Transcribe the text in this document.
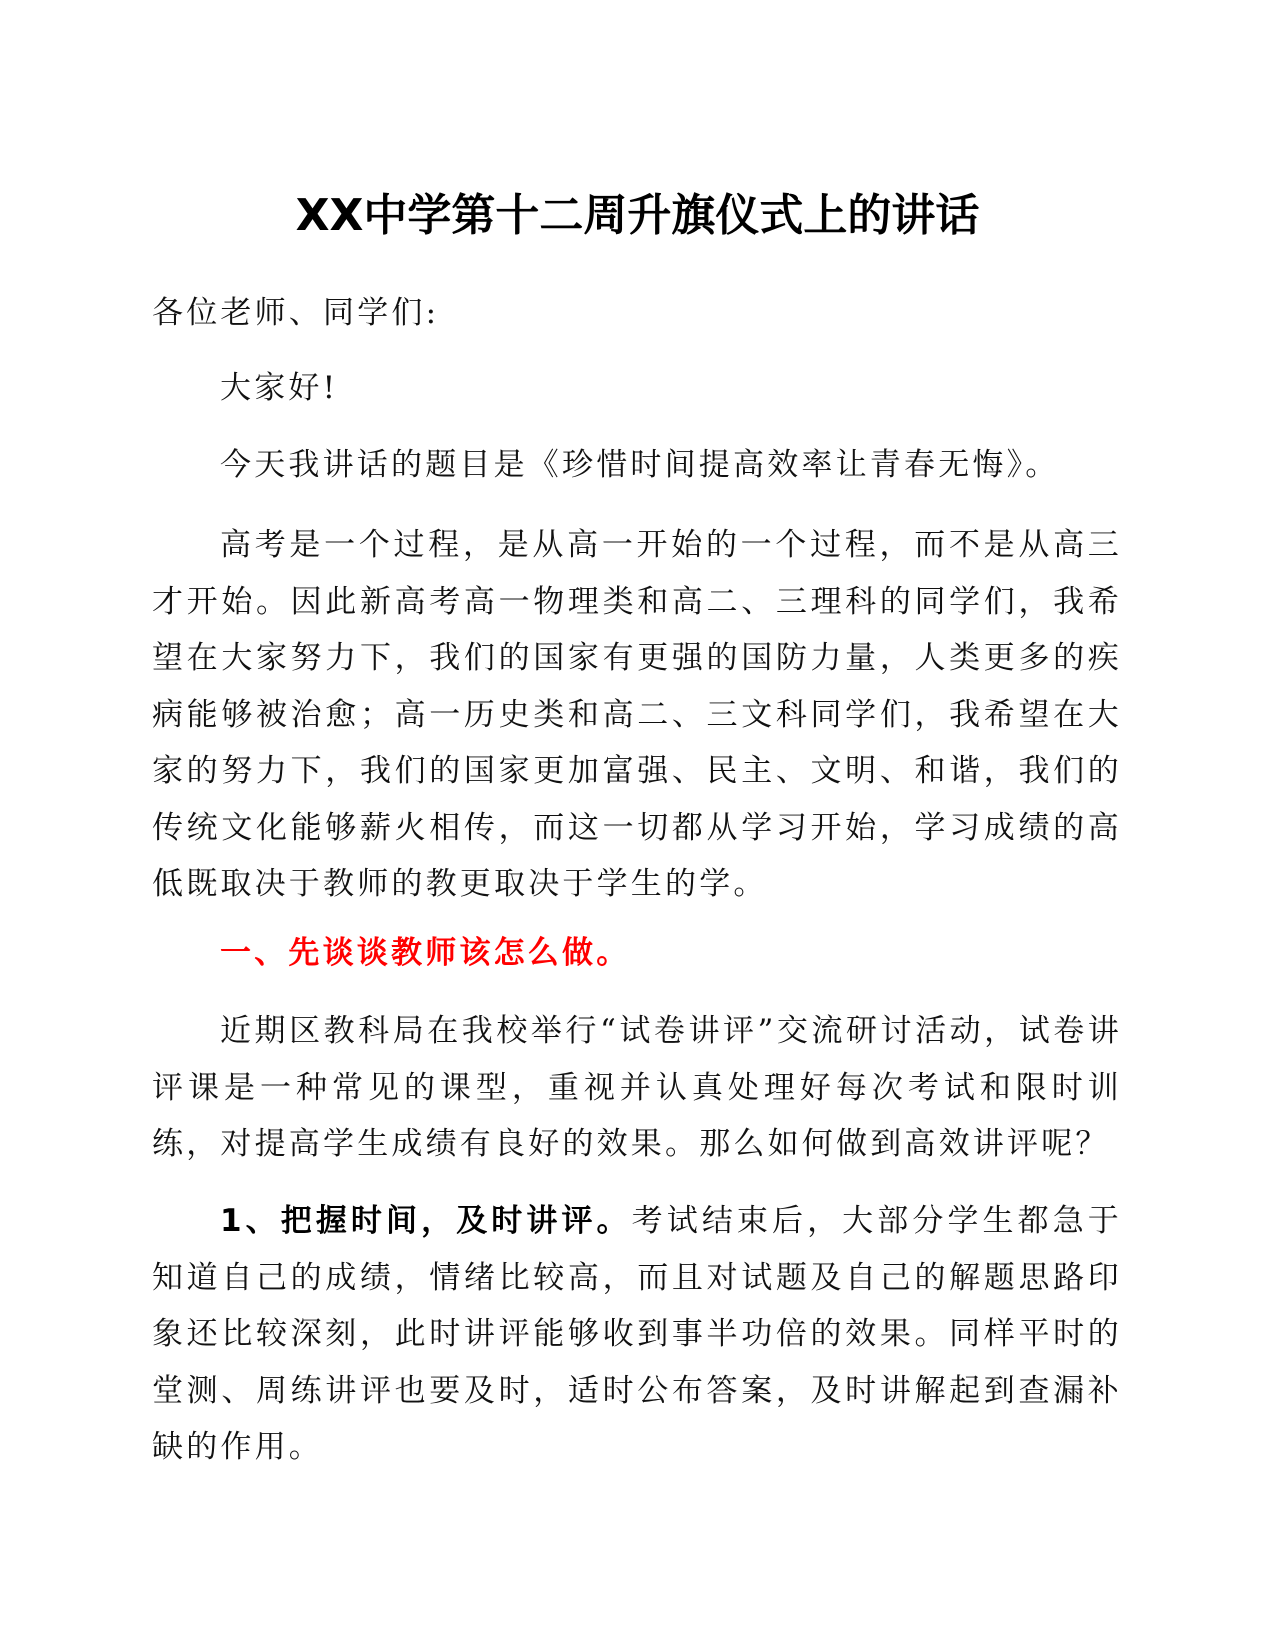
XX中学第十二周升旗仪式上的讲话

各位老师、同学们:

大家好!

今天我讲话的题目是《珍惜时间提高效率让青春无悔》。

高考是一个过程，是从高一开始的一个过程，而不是从高三才开始。因此新高考高一物理类和高二、三理科的同学们，我希望在大家努力下，我们的国家有更强的国防力量，人类更多的疾病能够被治愈；高一历史类和高二、三文科同学们，我希望在大家的努力下，我们的国家更加富强、民主、文明、和谐，我们的传统文化能够薪火相传，而这一切都从学习开始，学习成绩的高低既取决于教师的教更取决于学生的学。

一、先谈谈教师该怎么做。

近期区教科局在我校举行“试卷讲评”交流研讨活动，试卷讲评课是一种常见的课型，重视并认真处理好每次考试和限时训练，对提高学生成绩有良好的效果。那么如何做到高效讲评呢？

1、把握时间，及时讲评。考试结束后，大部分学生都急于知道自己的成绩，情绪比较高，而且对试题及自己的解题思路印象还比较深刻，此时讲评能够收到事半功倍的效果。同样平时的堂测、周练讲评也要及时，适时公布答案，及时讲解起到查漏补缺的作用。
